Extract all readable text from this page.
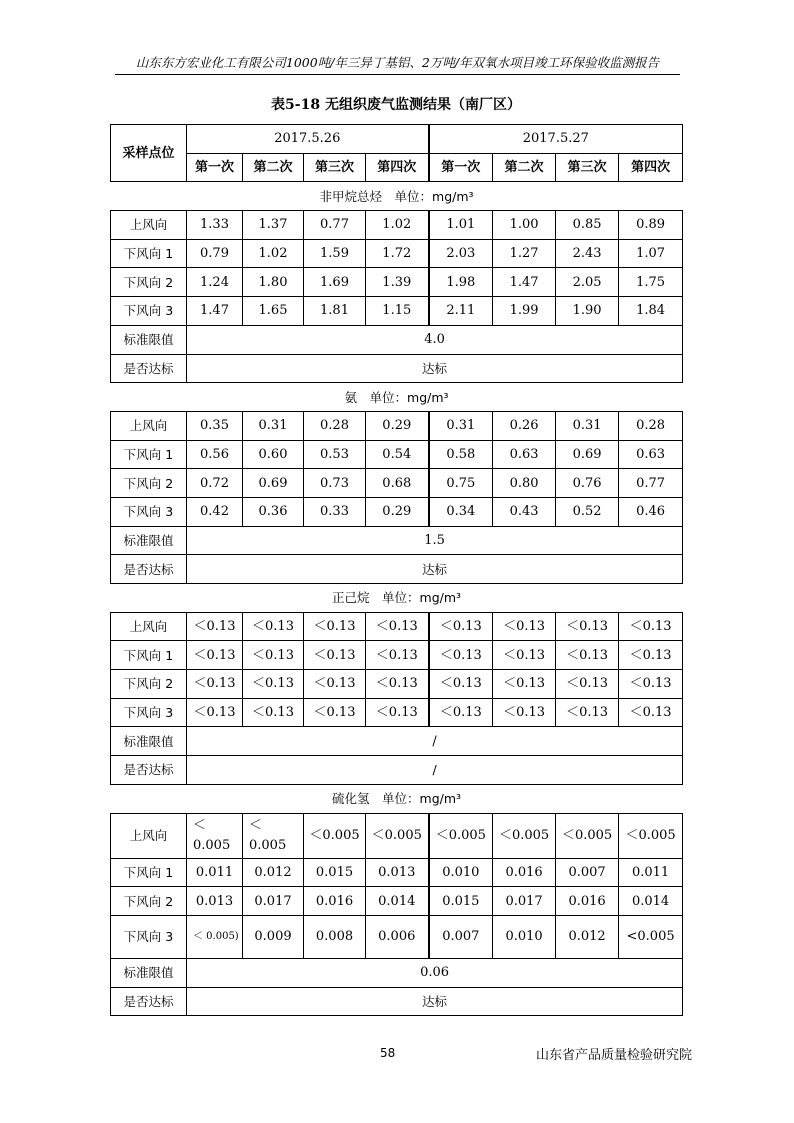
山东东方宏业化工有限公司1000吨/年三异丁基铝、2万吨/年双氧水项目竣工环保验收监测报告
表5-18 无组织废气监测结果（南厂区）
采样点位	2017.5.26				2017.5.27			
	第一次	第二次	第三次	第四次	第一次	第二次	第三次	第四次
非甲烷总烃　单位：mg/m³								
上风向	1.33	1.37	0.77	1.02	1.01	1.00	0.85	0.89
下风向 1	0.79	1.02	1.59	1.72	2.03	1.27	2.43	1.07
下风向 2	1.24	1.80	1.69	1.39	1.98	1.47	2.05	1.75
下风向 3	1.47	1.65	1.81	1.15	2.11	1.99	1.90	1.84
标准限值	4.0							
是否达标	达标							
氨　单位：mg/m³								
上风向	0.35	0.31	0.28	0.29	0.31	0.26	0.31	0.28
下风向 1	0.56	0.60	0.53	0.54	0.58	0.63	0.69	0.63
下风向 2	0.72	0.69	0.73	0.68	0.75	0.80	0.76	0.77
下风向 3	0.42	0.36	0.33	0.29	0.34	0.43	0.52	0.46
标准限值	1.5							
是否达标	达标							
正己烷　单位：mg/m³								
上风向	＜0.13	＜0.13	＜0.13	＜0.13	＜0.13	＜0.13	＜0.13	＜0.13
下风向 1	＜0.13	＜0.13	＜0.13	＜0.13	＜0.13	＜0.13	＜0.13	＜0.13
下风向 2	＜0.13	＜0.13	＜0.13	＜0.13	＜0.13	＜0.13	＜0.13	＜0.13
下风向 3	＜0.13	＜0.13	＜0.13	＜0.13	＜0.13	＜0.13	＜0.13	＜0.13
标准限值	/							
是否达标	/							
硫化氢　单位：mg/m³								
上风向	＜ 0.005	＜ 0.005	＜0.005	＜0.005	＜0.005	＜0.005	＜0.005	＜0.005
下风向 1	0.011	0.012	0.015	0.013	0.010	0.016	0.007	0.011
下风向 2	0.013	0.017	0.016	0.014	0.015	0.017	0.016	0.014
下风向 3	＜ 0.005)	0.009	0.008	0.006	0.007	0.010	0.012	<0.005
标准限值	0.06							
是否达标	达标							
58	山东省产品质量检验研究院
